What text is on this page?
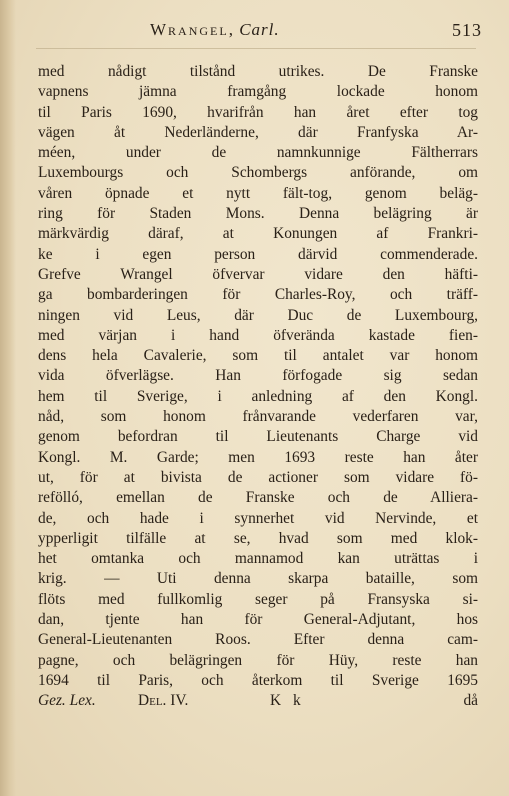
Wrangel, Carl.	513
med nådigt tilstånd utrikes. De Franske
vapnens jämna framgång lockade honom
til Paris 1690, hvarifrån han året efter tog
vägen åt Nederländerne, där Franfyska Ar-
méen, under de namnkunnige Fältherrars
Luxembourgs och Schombergs anförande, om
våren öpnade et nytt fält-tog, genom beläg-
ring för Staden Mons. Denna belägring är
märkvärdig däraf, at Konungen af Frankri-
ke i egen person därvid commenderade.
Grefve Wrangel öfvervar vidare den häfti-
ga bombarderingen för Charles-Roy, och träff-
ningen vid Leus, där Duc de Luxembourg,
med värjan i hand öfverända kastade fien-
dens hela Cavalerie, som til antalet var honom
vida öfverlägse. Han förfogade sig sedan
hem til Sverige, i anledning af den Kongl.
nåd, som honom frånvarande vederfaren var,
genom befordran til Lieutenants Charge vid
Kongl. M. Garde; men 1693 reste han åter
ut, för at bivista de actioner som vidare fö-
refölló, emellan de Franske och de Alliera-
de, och hade i synnerhet vid Nervinde, et
ypperligit tilfälle at se, hvad som med klok-
het omtanka och mannamod kan uträttas i
krig. — Uti denna skarpa bataille, som
flöts med fullkomlig seger på Fransyska si-
dan, tjente han för General-Adjutant, hos
General-Lieutenanten Roos. Efter denna cam-
pagne, och belägringen för Hüy, reste han
1694 til Paris, och återkom til Sverige 1695
Gez. Lex.	Del. IV.	K k	då
